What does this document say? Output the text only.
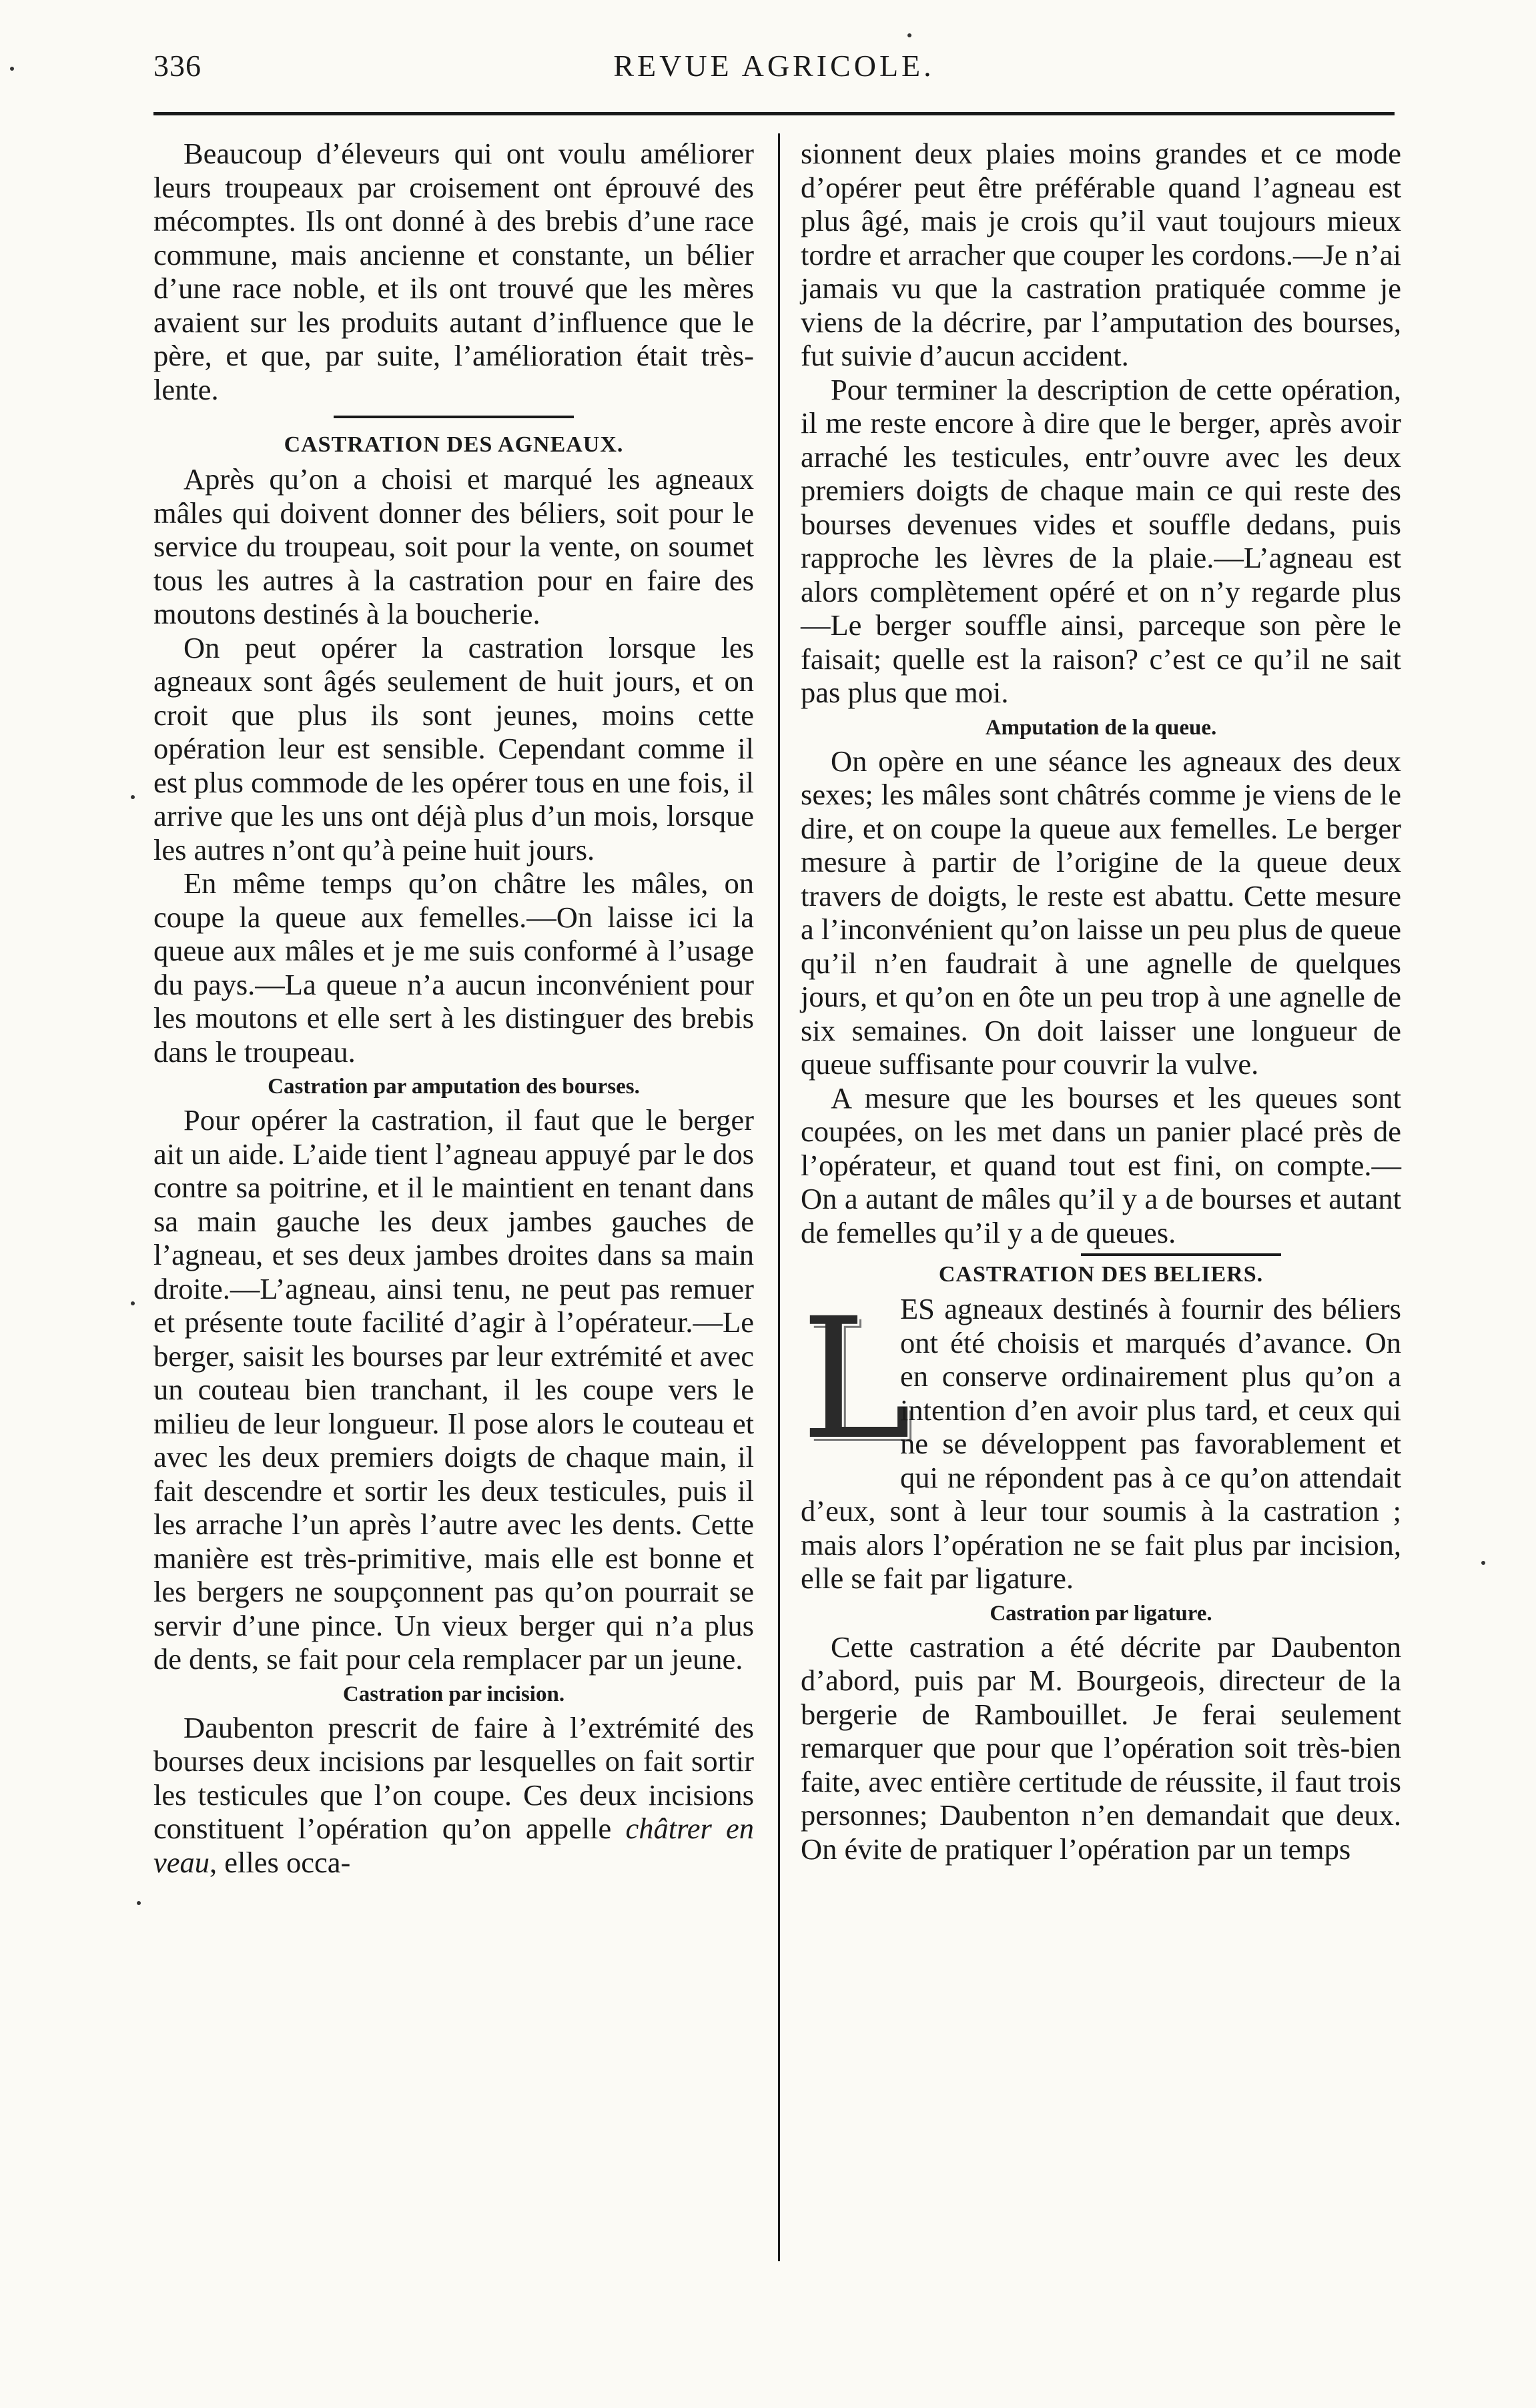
336	REVUE AGRICOLE.

Beaucoup d’éleveurs qui ont voulu améliorer leurs troupeaux par croisement ont éprouvé des mécomptes. Ils ont donné à des brebis d’une race commune, mais ancienne et constante, un bélier d’une race noble, et ils ont trouvé que les mères avaient sur les produits autant d’influence que le père, et que, par suite, l’amélioration était très-lente.

CASTRATION DES AGNEAUX.

Après qu’on a choisi et marqué les agneaux mâles qui doivent donner des béliers, soit pour le service du troupeau, soit pour la vente, on soumet tous les autres à la castration pour en faire des moutons destinés à la boucherie.

On peut opérer la castration lorsque les agneaux sont âgés seulement de huit jours, et on croit que plus ils sont jeunes, moins cette opération leur est sensible. Cependant comme il est plus commode de les opérer tous en une fois, il arrive que les uns ont déjà plus d’un mois, lorsque les autres n’ont qu’à peine huit jours.

En même temps qu’on châtre les mâles, on coupe la queue aux femelles.—On laisse ici la queue aux mâles et je me suis conformé à l’usage du pays.—La queue n’a aucun inconvénient pour les moutons et elle sert à les distinguer des brebis dans le troupeau.

Castration par amputation des bourses.

Pour opérer la castration, il faut que le berger ait un aide. L’aide tient l’agneau appuyé par le dos contre sa poitrine, et il le maintient en tenant dans sa main gauche les deux jambes gauches de l’agneau, et ses deux jambes droites dans sa main droite.—L’agneau, ainsi tenu, ne peut pas remuer et présente toute facilité d’agir à l’opérateur.—Le berger, saisit les bourses par leur extrémité et avec un couteau bien tranchant, il les coupe vers le milieu de leur longueur. Il pose alors le couteau et avec les deux premiers doigts de chaque main, il fait descendre et sortir les deux testicules, puis il les arrache l’un après l’autre avec les dents. Cette manière est très-primitive, mais elle est bonne et les bergers ne soupçonnent pas qu’on pourrait se servir d’une pince. Un vieux berger qui n’a plus de dents, se fait pour cela remplacer par un jeune.

Castration par incision.

Daubenton prescrit de faire à l’extrémité des bourses deux incisions par lesquelles on fait sortir les testicules que l’on coupe. Ces deux incisions constituent l’opération qu’on appelle châtrer en veau, elles occa-

sionnent deux plaies moins grandes et ce mode d’opérer peut être préférable quand l’agneau est plus âgé, mais je crois qu’il vaut toujours mieux tordre et arracher que couper les cordons.—Je n’ai jamais vu que la castration pratiquée comme je viens de la décrire, par l’amputation des bourses, fut suivie d’aucun accident.

Pour terminer la description de cette opération, il me reste encore à dire que le berger, après avoir arraché les testicules, entr’ouvre avec les deux premiers doigts de chaque main ce qui reste des bourses devenues vides et souffle dedans, puis rapproche les lèvres de la plaie.—L’agneau est alors complètement opéré et on n’y regarde plus —Le berger souffle ainsi, parceque son père le faisait; quelle est la raison? c’est ce qu’il ne sait pas plus que moi.

Amputation de la queue.

On opère en une séance les agneaux des deux sexes; les mâles sont châtrés comme je viens de le dire, et on coupe la queue aux femelles. Le berger mesure à partir de l’origine de la queue deux travers de doigts, le reste est abattu. Cette mesure a l’inconvénient qu’on laisse un peu plus de queue qu’il n’en faudrait à une agnelle de quelques jours, et qu’on en ôte un peu trop à une agnelle de six semaines. On doit laisser une longueur de queue suffisante pour couvrir la vulve.

A mesure que les bourses et les queues sont coupées, on les met dans un panier placé près de l’opérateur, et quand tout est fini, on compte.—On a autant de mâles qu’il y a de bourses et autant de femelles qu’il y a de queues.

CASTRATION DES BELIERS.
L

ES agneaux destinés à fournir des béliers ont été choisis et marqués d’avance. On en conserve ordinairement plus qu’on a intention d’en avoir plus tard, et ceux qui ne se développent pas favorablement et qui ne répondent pas à ce qu’on attendait d’eux, sont à leur tour soumis à la castration ; mais alors l’opération ne se fait plus par incision, elle se fait par ligature.

Castration par ligature.

Cette castration a été décrite par Daubenton d’abord, puis par M. Bourgeois, directeur de la bergerie de Rambouillet. Je ferai seulement remarquer que pour que l’opération soit très-bien faite, avec entière certitude de réussite, il faut trois personnes; Daubenton n’en demandait que deux. On évite de pratiquer l’opération par un temps
